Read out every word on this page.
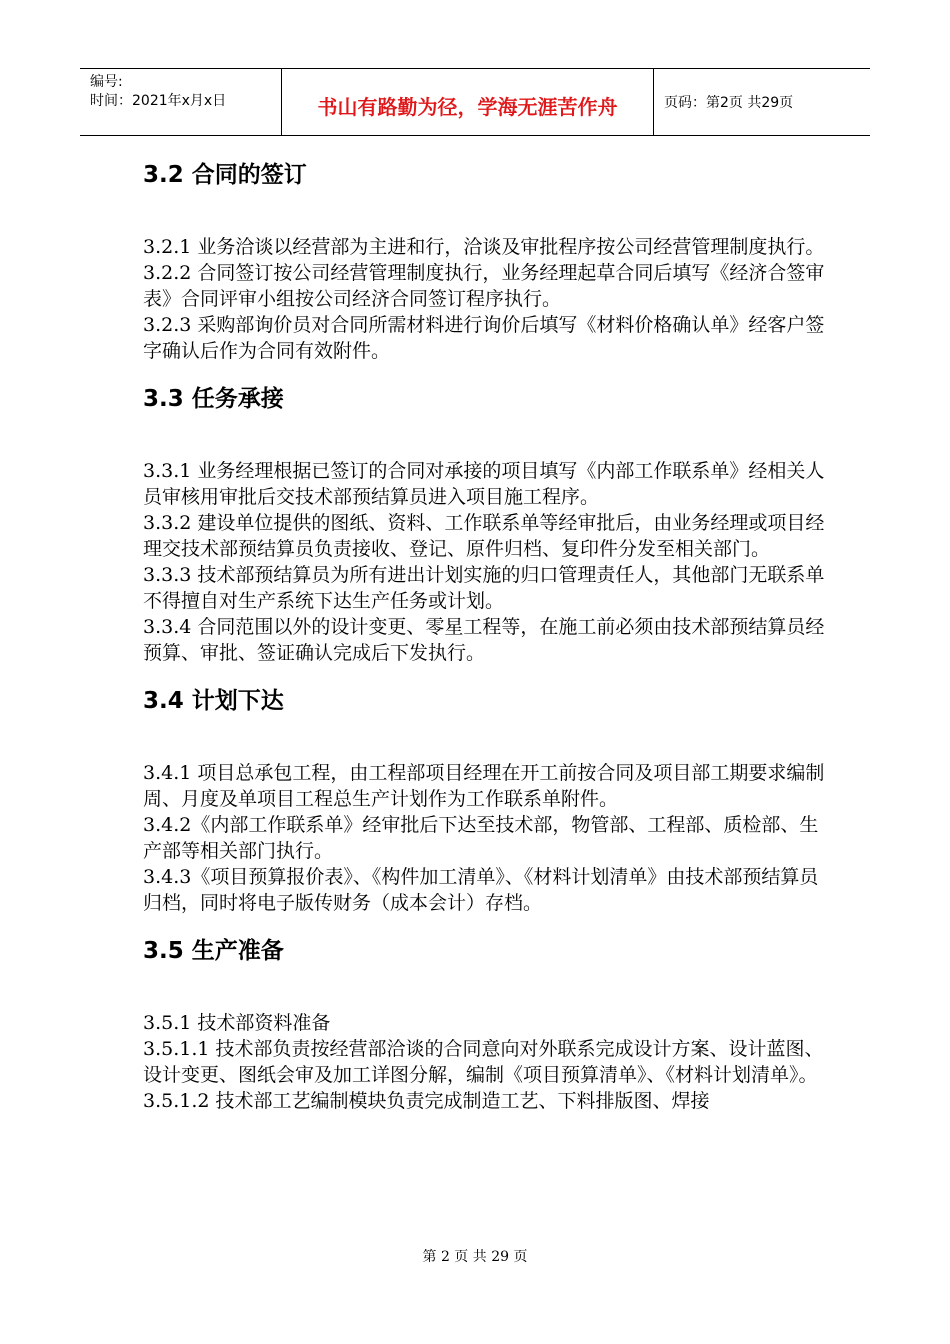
编号:
时间：2021年x月x日	书山有路勤为径，学海无涯苦作舟	页码：第2页 共29页
3.2 合同的签订

3.2.1 业务洽谈以经营部为主进和行，洽谈及审批程序按公司经营管理制度执行。

3.2.2 合同签订按公司经营管理制度执行，业务经理起草合同后填写《经济合签审表》合同评审小组按公司经济合同签订程序执行。

3.2.3 采购部询价员对合同所需材料进行询价后填写《材料价格确认单》经客户签字确认后作为合同有效附件。

3.3 任务承接

3.3.1 业务经理根据已签订的合同对承接的项目填写《内部工作联系单》经相关人员审核用审批后交技术部预结算员进入项目施工程序。

3.3.2 建设单位提供的图纸、资料、工作联系单等经审批后，由业务经理或项目经理交技术部预结算员负责接收、登记、原件归档、复印件分发至相关部门。

3.3.3 技术部预结算员为所有进出计划实施的归口管理责任人，其他部门无联系单不得擅自对生产系统下达生产任务或计划。

3.3.4 合同范围以外的设计变更、零星工程等，在施工前必须由技术部预结算员经预算、审批、签证确认完成后下发执行。

3.4 计划下达

3.4.1 项目总承包工程，由工程部项目经理在开工前按合同及项目部工期要求编制周、月度及单项目工程总生产计划作为工作联系单附件。

3.4.2《内部工作联系单》经审批后下达至技术部，物管部、工程部、质检部、生产部等相关部门执行。

3.4.3《项目预算报价表》、《构件加工清单》、《材料计划清单》由技术部预结算员归档，同时将电子版传财务（成本会计）存档。

3.5 生产准备

3.5.1 技术部资料准备

3.5.1.1 技术部负责按经营部洽谈的合同意向对外联系完成设计方案、设计蓝图、设计变更、图纸会审及加工详图分解，编制《项目预算清单》、《材料计划清单》。

3.5.1.2 技术部工艺编制模块负责完成制造工艺、下料排版图、焊接

第 2 页 共 29 页
